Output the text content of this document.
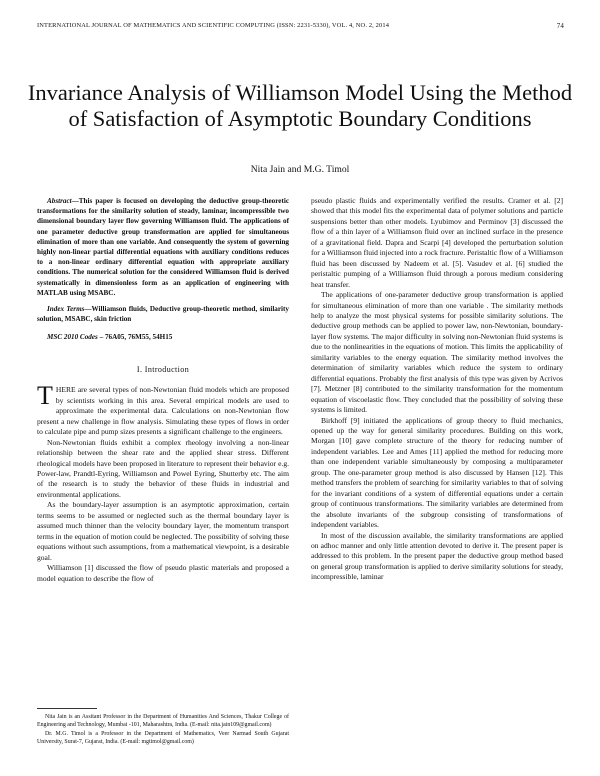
INTERNATIONAL JOURNAL OF MATHEMATICS AND SCIENTIFIC COMPUTING (ISSN: 2231-5330), VOL. 4, NO. 2, 2014	74
Invariance Analysis of Williamson Model Using the Method of Satisfaction of Asymptotic Boundary Conditions
Nita Jain and M.G. Timol

Abstract—This paper is focused on developing the deductive group-theoretic transformations for the similarity solution of steady, laminar, incompressible two dimensional boundary layer flow governing Williamson fluid. The applications of one parameter deductive group transformation are applied for simultaneous elimination of more than one variable. And consequently the system of governing highly non-linear partial differential equations with auxiliary conditions reduces to a non-linear ordinary differential equation with appropriate auxiliary conditions. The numerical solution for the considered Williamson fluid is derived systematically in dimensionless form as an application of engineering with MATLAB using MSABC.

Index Terms—Williamson fluids, Deductive group-theoretic method, similarity solution, MSABC, skin friction

MSC 2010 Codes – 76A05, 76M55, 54H15

I. Introduction

THERE are several types of non-Newtonian fluid models which are proposed by scientists working in this area. Several empirical models are used to approximate the experimental data. Calculations on non-Newtonian flow present a new challenge in flow analysis. Simulating these types of flows in order to calculate pipe and pump sizes presents a significant challenge to the engineers.

Non-Newtonian fluids exhibit a complex rheology involving a non-linear relationship between the shear rate and the applied shear stress. Different rheological models have been proposed in literature to represent their behavior e.g. Power-law, Prandtl-Eyring, Williamson and Powel Eyring, Shutterby etc. The aim of the research is to study the behavior of these fluids in industrial and environmental applications.

As the boundary-layer assumption is an asymptotic approximation, certain terms seems to be assumed or neglected such as the thermal boundary layer is assumed much thinner than the velocity boundary layer, the momentum transport terms in the equation of motion could be neglected. The possibility of solving these equations without such assumptions, from a mathematical viewpoint, is a desirable goal.

Williamson [1] discussed the flow of pseudo plastic materials and proposed a model equation to describe the flow of

pseudo plastic fluids and experimentally verified the results. Cramer et al. [2] showed that this model fits the experimental data of polymer solutions and particle suspensions better than other models. Lyubimov and Perminov [3] discussed the flow of a thin layer of a Williamson fluid over an inclined surface in the presence of a gravitational field. Dapra and Scarpi [4] developed the perturbation solution for a Williamson fluid injected into a rock fracture. Peristaltic flow of a Williamson fluid has been discussed by Nadeem et al. [5]. Vasudev et al. [6] studied the peristaltic pumping of a Williamson fluid through a porous medium considering heat transfer.

The applications of one-parameter deductive group transformation is applied for simultaneous elimination of more than one variable . The similarity methods help to analyze the most physical systems for possible similarity solutions. The deductive group methods can be applied to power law, non-Newtonian, boundary-layer flow systems. The major difficulty in solving non-Newtonian fluid systems is due to the nonlinearities in the equations of motion. This limits the applicability of similarity variables to the energy equation. The similarity method involves the determination of similarity variables which reduce the system to ordinary differential equations. Probably the first analysis of this type was given by Acrivos [7]. Metzner [8] contributed to the similarity transformation for the momentum equation of viscoelastic flow. They concluded that the possibility of solving these systems is limited.

Birkhoff [9] initiated the applications of group theory to fluid mechanics, opened up the way for general similarity procedures. Building on this work, Morgan [10] gave complete structure of the theory for reducing number of independent variables. Lee and Ames [11] applied the method for reducing more than one independent variable simultaneously by composing a multiparameter group. The one-parameter group method is also discussed by Hansen [12]. This method transfers the problem of searching for similarity variables to that of solving for the invariant conditions of a system of differential equations under a certain group of continuous transformations. The similarity variables are determined from the absolute invariants of the subgroup consisting of transformations of independent variables.

In most of the discussion available, the similarity transformations are applied on adhoc manner and only little attention devoted to derive it. The present paper is addressed to this problem. In the present paper the deductive group method based on general group transformation is applied to derive similarity solutions for steady, incompressible, laminar

Nita Jain is an Assitant Professor in the Department of Humanities And Sciences, Thakur College of Engineering and Technology, Mumbai -101, Maharashtra, India. (E-mail: nita.jain109@gmail.com)

Dr. M.G. Timol is a Professor in the Department of Mathematics, Veer Narmad South Gujarat University, Surat-7, Gujarat, India. (E-mail: mgtimol@gmail.com)
